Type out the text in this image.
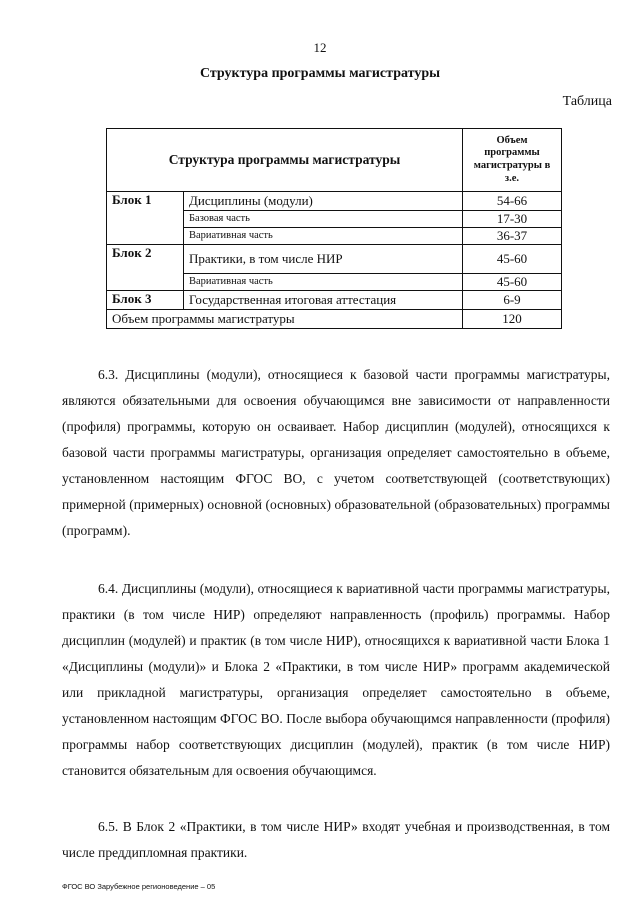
12
Структура программы магистратуры
Таблица
Структура программы магистратуры		Объем программы магистратуры в з.е.
Блок 1	Дисциплины (модули)	54-66
	Базовая часть	17-30
	Вариативная часть	36-37
Блок 2	Практики, в том числе НИР	45-60
	Вариативная часть	45-60
Блок 3	Государственная итоговая аттестация	6-9
Объем программы магистратуры		120

6.3. Дисциплины (модули), относящиеся к базовой части программы магистратуры, являются обязательными для освоения обучающимся вне зависимости от направленности (профиля) программы, которую он осваивает. Набор дисциплин (модулей), относящихся к базовой части программы магистратуры, организация определяет самостоятельно в объеме, установленном настоящим ФГОС ВО, с учетом соответствующей (соответствующих) примерной (примерных) основной (основных) образовательной (образовательных) программы (программ).

6.4. Дисциплины (модули), относящиеся к вариативной части программы магистратуры, практики (в том числе НИР) определяют направленность (профиль) программы. Набор дисциплин (модулей) и практик (в том числе НИР), относящихся к вариативной части Блока 1 «Дисциплины (модули)» и Блока 2 «Практики, в том числе НИР» программ академической или прикладной магистратуры, организация определяет самостоятельно в объеме, установленном настоящим ФГОС ВО. После выбора обучающимся направленности (профиля) программы набор соответствующих дисциплин (модулей), практик (в том числе НИР) становится обязательным для освоения обучающимся.

6.5. В Блок 2 «Практики, в том числе НИР» входят учебная и производственная, в том числе преддипломная практики.

ФГОС ВО Зарубежное регионоведение – 05
